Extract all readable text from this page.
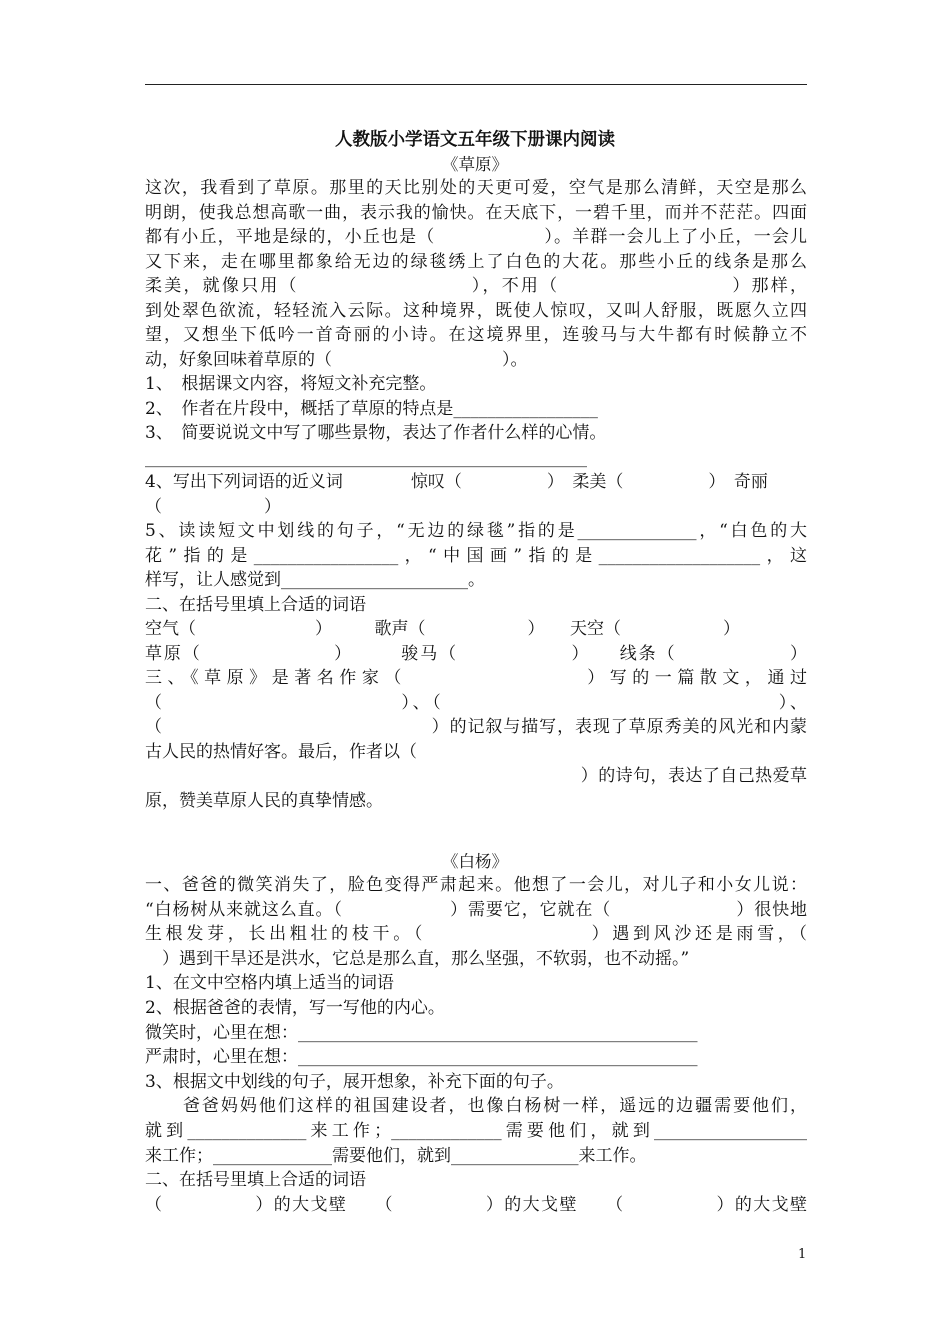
人教版小学语文五年级下册课内阅读
《草原》
这次，我看到了草原。那里的天比别处的天更可爱，空气是那么清鲜，天空是那么
明朗，使我总想高歌一曲，表示我的愉快。在天底下，一碧千里，而并不茫茫。四面
都有小丘，平地是绿的，小丘也是（　　　　　　）。羊群一会儿上了小丘，一会儿
又下来，走在哪里都象给无边的绿毯绣上了白色的大花。那些小丘的线条是那么
柔美，就像只用（　　　　　　　　　），不用（　　　　　　　　　）那样，
到处翠色欲流，轻轻流入云际。这种境界，既使人惊叹，又叫人舒服，既愿久立四
望，又想坐下低吟一首奇丽的小诗。在这境界里，连骏马与大牛都有时候静立不
动，好象回味着草原的（　　　　　　　　　　）。
1、　根据课文内容，将短文补充完整。
2、　作者在片段中，概括了草原的特点是_________________
3、　简要说说文中写了哪些景物，表达了作者什么样的心情。
____________________________________________________
4、写出下列词语的近义词　　　　惊叹（　　　　　）　柔美（　　　　　）　奇丽
（　　　　　　）
5、读读短文中划线的句子，“无边的绿毯”指的是______________，“白色的大
花”指的是_________________，“中国画”指的是___________________，这
样写，让人感觉到______________________。
二、在括号里填上合适的词语
空气（　　　　　　　）　　　歌声（　　　　　　）　　天空（　　　　　　）
草原（　　　　　　　）　　　骏马（　　　　　　）　　线条（　　　　　　）
三、《草原》是著名作家（　　　　　　　　）写的一篇散文，通过
（　　　　　　　　　　　　）、（　　　　　　　　　　　　　　　　　）、
（　　　　　　　　　　　　　　　）的记叙与描写，表现了草原秀美的风光和内蒙
古人民的热情好客。最后，作者以（
　　　　　　　　　　　　　　　　　　　　　　　　　）的诗句，表达了自己热爱草
原，赞美草原人民的真挚情感。
《白杨》
一、爸爸的微笑消失了，脸色变得严肃起来。他想了一会儿，对儿子和小女儿说：
“白杨树从来就这么直。（　　　　　　）需要它，它就在（　　　　　　　）很快地
生根发芽，长出粗壮的枝干。（　　　　　　　　）遇到风沙还是雨雪，（
　）遇到干旱还是洪水，它总是那么直，那么坚强，不软弱，也不动摇。”
1、在文中空格内填上适当的词语
2、根据爸爸的表情，写一写他的内心。
微笑时，心里在想：_______________________________________________
严肃时，心里在想：_______________________________________________
3、根据文中划线的句子，展开想象，补充下面的句子。
　　爸爸妈妈他们这样的祖国建设者，也像白杨树一样，遥远的边疆需要他们，
就到______________来工作；_____________需要他们，就到__________________
来工作；______________需要他们，就到_______________来工作。
二、在括号里填上合适的词语
（　　　　　）的大戈壁　　（　　　　　）的大戈壁　　（　　　　　）的大戈壁
1
